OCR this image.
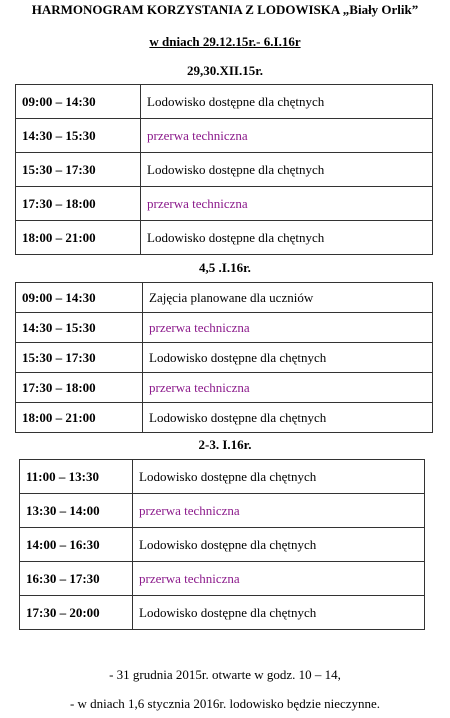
HARMONOGRAM KORZYSTANIA Z LODOWISKA „Biały Orlik”
w dniach 29.12.15r.- 6.I.16r
29,30.XII.15r.
09:00 – 14:30	Lodowisko dostępne dla chętnych
14:30 – 15:30	przerwa techniczna
15:30 – 17:30	Lodowisko dostępne dla chętnych
17:30 – 18:00	przerwa techniczna
18:00 – 21:00	Lodowisko dostępne dla chętnych
4,5 .I.16r.
09:00 – 14:30	Zajęcia planowane dla uczniów
14:30 – 15:30	przerwa techniczna
15:30 – 17:30	Lodowisko dostępne dla chętnych
17:30 – 18:00	przerwa techniczna
18:00 – 21:00	Lodowisko dostępne dla chętnych
2-3. I.16r.
11:00 – 13:30	Lodowisko dostępne dla chętnych
13:30 – 14:00	przerwa techniczna
14:00 – 16:30	Lodowisko dostępne dla chętnych
16:30 – 17:30	przerwa techniczna
17:30 – 20:00	Lodowisko dostępne dla chętnych
- 31 grudnia 2015r. otwarte w godz. 10 – 14,
- w dniach 1,6 stycznia 2016r. lodowisko będzie nieczynne.
